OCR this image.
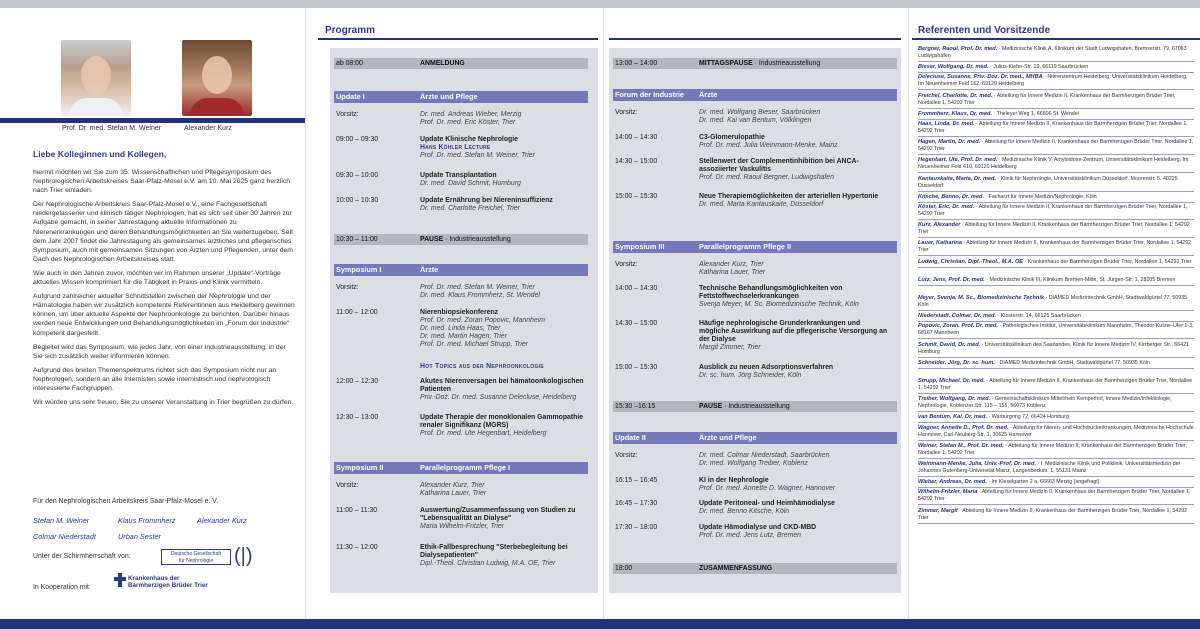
Prof. Dr. med. Stefan M. Weiner	Alexander Kurz
Liebe Kolleginnen und Kollegen,

hiermit möchten wir Sie zum 35. Wissenschaftlichen und Pflegesymposium des Nephrologischen Arbeitskreises Saar-Pfalz-Mosel e.V. am 10. Mai 2025 ganz herzlich nach Trier einladen.

Der Nephrologische Arbeitskreis Saar-Pfalz-Mosel e.V., eine Fachgesellschaft niedergelassener und klinisch tätiger Nephrologen, hat es sich seit über 30 Jahren zur Aufgabe gemacht, in seiner Jahrestagung aktuelle Informationen zu Nierenerkrankungen und deren Behandlungsmöglichkeiten an Sie weiterzugeben. Seit dem Jahr 2007 findet die Jahrestagung als gemeinsames ärztliches und pflegerisches Symposium, auch mit gemeinsamen Sitzungen von Ärzten und Pflegenden, unter dem Dach des Nephrologischen Arbeitskreises statt.

Wie auch in den Jahren zuvor, möchten wir im Rahmen unserer „Update“-Vorträge aktuelles Wissen komprimiert für die Tätigkeit in Praxis und Klinik vermitteln.

Aufgrund zahlreicher aktueller Schnittstellen zwischen der Nephrologie und der Hämatologie haben wir zusätzlich kompetente Referentinnen aus Heidelberg gewinnen können, um über aktuelle Aspekte der Nephroonkologie zu berichten. Darüber hinaus werden neue Entwicklungen und Behandlungsmöglichkeiten im „Forum der Industrie“ kompetent dargestellt.

Begleitet wird das Symposium, wie jedes Jahr, von einer Industrieausstellung, in der Sie sich zusätzlich weiter informieren können.

Aufgrund des breiten Themenspektrums richtet sich das Symposium nicht nur an Nephrologen, sondern an alle Internisten sowie internistisch und nephrologisch interessierte Fachgruppen.

Wir würden uns sehr freuen, Sie zu unserer Veranstaltung in Trier begrüßen zu dürfen.

Für den Nephrologischen Arbeitskreis Saar-Pfalz-Mosel e. V.
Stefan M. Weiner	Klaus Frommherz	Alexander Kurz
Colmar Niederstadt	Urban Sester
Unter der Schirmherrschaft von:	Deutsche Gesellschaft
für Nephrologie	(|)
In Kooperation mit:
Krankenhaus der
Barmherzigen Brüder Trier
Programm
ab 08:00	ANMELDUNG
Update I	Ärzte und Pflege
Vorsitz:	Dr. med. Andreas Wieber, Merzig
Prof. Dr. med. Eric Köster, Trier
09:00 – 09:30	Update Klinische Nephrologie
Hans Köhler Lecture
Prof. Dr. med. Stefan M. Weiner, Trier
09:30 – 10:00	Update Transplantation
Dr. med. David Schmit, Homburg
10:00 – 10:30	Update Ernährung bei Niereninsuffizienz
Dr. med. Charlotte Freichel, Trier
10:30 – 11:00	PAUSE · Industrieausstellung
Symposium I	Ärzte
Vorsitz:	Prof. Dr. med. Stefan M. Weiner, Trier
Dr. med. Klaus Frommherz, St. Wendel
11:00 – 12:00	Nierenbiopsiekonferenz
Prof. Dr. med. Zoran Popovic, Mannheim
Dr. med. Linda Haas, Trier
Dr. med. Martin Hagen, Trier
Prof. Dr. med. Michael Strupp, Trier
Hot Topics aus der Nephroonkologie
12:00 – 12:30	Akutes Nierenversagen bei hämatoonkologischen Patienten
Priv.-Doz. Dr. med. Susanne Delecluse, Heidelberg
12:30 – 13:00	Update Therapie der monoklonalen Gammopathie renaler Signifikanz (MGRS)
Prof. Dr. med. Ute Hegenbart, Heidelberg
Symposium II	Parallelprogramm Pflege I
Vorsitz:	Alexander Kurz, Trier
Katharina Lauer, Trier
11:00 – 11:30	Auswertung/Zusammenfassung von Studien zu "Lebensqualität an Dialyse"
Maria Wilhelm-Fritzler, Trier
11:30 – 12:00	Ethik-Fallbesprechung "Sterbebegleitung bei Dialysepatienten"
Dipl.-Theol. Christian Ludwig, M.A. OE, Trier
13:00 – 14:00	MITTAGSPAUSE · Industrieausstellung
Forum der Industrie Ärzte
Vorsitz:	Dr. med. Wolfgang Bieser, Saarbrücken
Dr. med. Kai van Bentum, Völklingen
14:00 – 14:30	C3-Glomerulopathie
Prof. Dr. med. Julia Weinmann-Menke, Mainz
14:30 – 15:00	Stellenwert der Complementinhibition bei ANCA-assoziierter Vaskulitis
Prof. Dr. med. Raoul Bergner, Ludwigshafen
15:00 – 15:30	Neue Therapiemöglichkeiten der arteriellen Hypertonie
Dr. med. Marta Kantauskaite, Düsseldorf
Symposium III	Parallelprogramm Pflege II
Vorsitz:	Alexander Kurz, Trier
Katharina Lauer, Trier
14:00 – 14:30	Technische Behandlungsmöglichkeiten von Fettstoffwechselerkrankungen
Svenja Meyer, M. Sc. Biomedizinische Technik, Köln
14:30 – 15:00	Häufige nephrologische Grunderkrankungen und mögliche Auswirkung auf die pflegerische Versorgung an der Dialyse
Margit Zimmer, Trier
15:00 – 15:30	Ausblick zu neuen Adsorptionsverfahren
Dr. sc. hum. Jörg Schneider, Köln
15:30 –16:15	PAUSE · Industrieausstellung
Update II	Ärzte und Pflege
Vorsitz:	Dr. med. Colmar Niederstadt, Saarbrücken
Dr. med. Wolfgang Treiber, Koblenz
16:15 – 16:45	KI in der Nephrologie
Prof. Dr. med. Annette D. Wagner, Hannover
16:45 – 17:30	Update Peritoneal- und Heimhämodialyse
Dr. med. Benno Kitsche, Köln
17:30 – 18:00	Update Hämodialyse und CKD-MBD
Prof. Dr. med. Jens Lutz, Bremen
18:00	ZUSAMMENFASSUNG
Referenten und Vorsitzende
Bergner, Raoul, Prof. Dr. med. · Medizinische Klinik A, Klinikum der Stadt Ludwigshafen, Bremserstr. 79, 67063 Ludwigshafen
Bieser, Wolfgang, Dr. med. · Julius-Kiefer-Str. 19, 66119 Saarbrücken
Delecluse, Susanne, Priv.-Doz. Dr. med., MHBA · Nierenzentrum Heidelberg, Universitätsklinikum Heidelberg, Im Neuenheimer Feld 162, 69120 Heidelberg
Freichel, Charlotte, Dr. med. · Abteilung für Innere Medizin II, Krankenhaus der Barmherzigen Brüder Trier, Nordallee 1, 54292 Trier
Frommherz, Klaus, Dr. med. · Theleyer Weg 1, 66606 St. Wendel
Haas, Linda, Dr. med. · Abteilung für Innere Medizin II, Krankenhaus der Barmherzigen Brüder Trier, Nordallee 1, 54292 Trier
Hagen, Martin, Dr. med. · Abteilung für Innere Medizin II, Krankenhaus der Barmherzigen Brüder Trier, Nordallee 1, 54292 Trier
Hegenbart, Ute, Prof. Dr. med. · Medizinische Klinik V, Amyloidose-Zentrum, Universitätsklinikum Heidelberg, Im Neuenheimer Feld 410, 69120 Heidelberg
Kantauskaite, Marta, Dr. med. · Klinik für Nephrologie, Universitätsklinikum Düsseldorf, Moorenstr. 5, 40225 Düsseldorf
Kitsche, Benno, Dr. med. · Facharzt für Innere Medizin/Nephrologie, Köln
Köster, Eric, Dr. med. · Abteilung für Innere Medizin II, Krankenhaus der Barmherzigen Brüder Trier, Nordallee 1, 54292 Trier
Kurz, Alexander · Abteilung für Innere Medizin II, Krankenhaus der Barmherzigen Brüder Trier, Nordallee 1, 54292 Trier
Lauer, Katharina · Abteilung für Innere Medizin II, Krankenhaus der Barmherzigen Brüder Trier, Nordallee 1, 54292 Trier
Ludwig, Christian, Dipl.-Theol., M.A. OE · Krankenhaus der Barmherzigen Brüder Trier, Nordallee 1, 54292 Trier
Lutz, Jens, Prof. Dr. med. · Medizinische Klinik III, Klinikum Bremen-Mitte, St. Jürgen-Str. 1, 28205 Bremen
Meyer, Svenja, M. Sc., Biomedizinische Technik · DIAMED Medizintechnik GmbH, Stadtwaldgürtel 77, 50935 Köln
Niederstadt, Colmar, Dr. med. · Klosterstr. 14, 66125 Saarbrücken
Popovic, Zoran, Prof. Dr. med. · Pathologisches Institut, Universitätsklinikum Mannheim, Theodor-Kutzer-Ufer 1-3, 68167 Mannheim
Schmit, David, Dr. med. · Universitätsklinikum des Saarlandes, Klinik für Innere Medizin IV, Kirrberger Str., 66421 Homburg
Schneider, Jörg, Dr. sc. hum. · DIAMED Medizintechnik GmbH, Stadtwaldgürtel 77, 50935 Köln
Strupp, Michael, Dr. med. · Abteilung für Innere Medizin II, Krankenhaus der Barmherzigen Brüder Trier, Nordallee 1, 54292 Trier
Treiber, Wolfgang, Dr. med. · Gemeinschaftsklinikum Mittelrhein Kemperhof, Innere Medizin/Infektiologie, Nephrologie, Koblenzer Str. 115 – 155, 56073 Koblenz
van Bentum, Kai, Dr. med. · Warburgring 72, 66424 Homburg
Wagner, Annette D., Prof. Dr. med. · Abteilung für Nieren- und Hochdruckerkrankungen, Medizinische Hochschule Hannover, Carl-Neuberg-Str. 1, 30625 Hannover
Weiner, Stefan M., Prof. Dr. med. · Abteilung für Innere Medizin II, Krankenhaus der Barmherzigen Brüder Trier, Nordallee 1, 54292 Trier
Weinmann-Menke, Julia, Univ.-Prof. Dr. med. · I. Medizinische Klinik und Poliklinik, Universitätsmedizin der Johannes Gutenberg-Universität Mainz, Langenbeckstr. 1, 55131 Mainz
Wieber, Andreas, Dr. med. · Im Kieselgarten 2 a, 66663 Merzig (angefragt)
Wilhelm-Fritzler, Maria · Abteilung für Innere Medizin II, Krankenhaus der Barmherzigen Brüder Trier, Nordallee 1, 54292 Trier
Zimmer, Margit · Abteilung für Innere Medizin II, Krankenhaus der Barmherzigen Brüder Trier, Nordallee 1, 54292 Trier
